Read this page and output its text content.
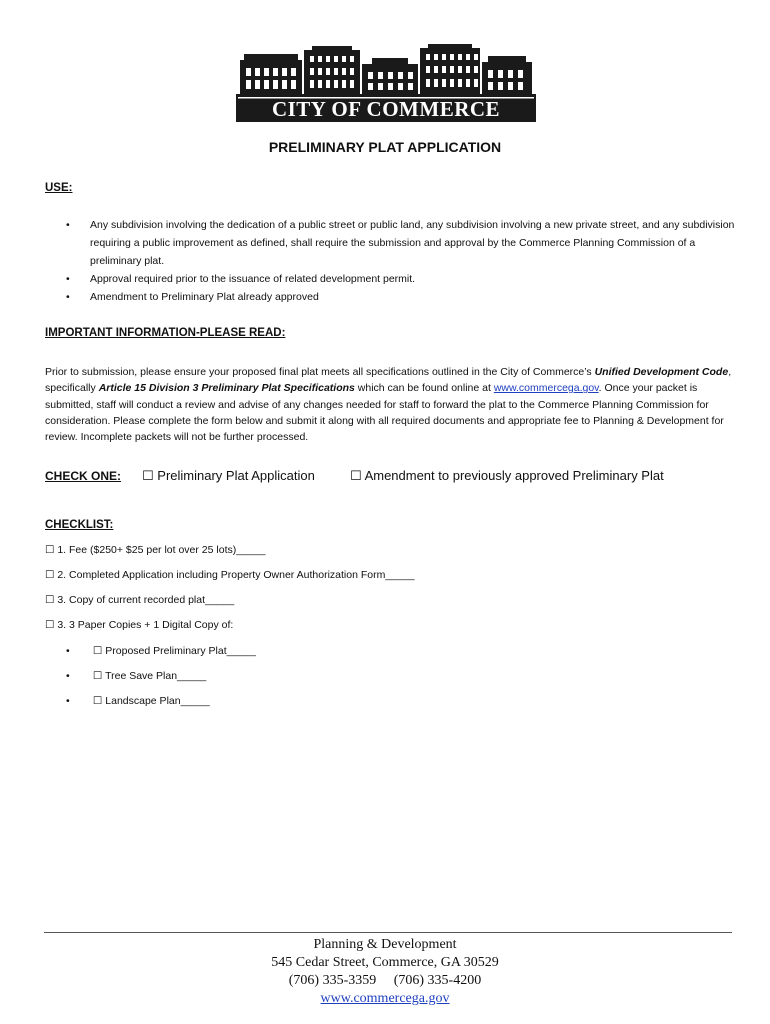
CITY OF COMMERCE
PRELIMINARY PLAT APPLICATION
USE:
•	Any subdivision involving the dedication of a public street or public land, any subdivision involving a new private street, and any subdivision requiring a public improvement as defined, shall require the submission and approval by the Commerce Planning Commission of a preliminary plat.
•	Approval required prior to the issuance of related development permit.
•	Amendment to Preliminary Plat already approved
IMPORTANT INFORMATION-PLEASE READ:
Prior to submission, please ensure your proposed final plat meets all specifications outlined in the City of Commerce’s Unified Development Code, specifically Article 15 Division 3 Preliminary Plat Specifications which can be found online at www.commercega.gov. Once your packet is submitted, staff will conduct a review and advise of any changes needed for staff to forward the plat to the Commerce Planning Commission for consideration. Please complete the form below and submit it along with all required documents and appropriate fee to Planning & Development for review. Incomplete packets will not be further processed.
CHECK ONE: ☐ Preliminary Plat Application	☐ Amendment to previously approved Preliminary Plat
CHECKLIST:
☐ 1. Fee ($250+ $25 per lot over 25 lots)_____
☐ 2. Completed Application including Property Owner Authorization Form_____
☐ 3. Copy of current recorded plat_____
☐ 3. 3 Paper Copies + 1 Digital Copy of:
• ☐ Proposed Preliminary Plat_____
• ☐ Tree Save Plan_____
• ☐ Landscape Plan_____
Planning & Development
545 Cedar Street, Commerce, GA 30529
(706) 335-3359     (706) 335-4200
www.commercega.gov
